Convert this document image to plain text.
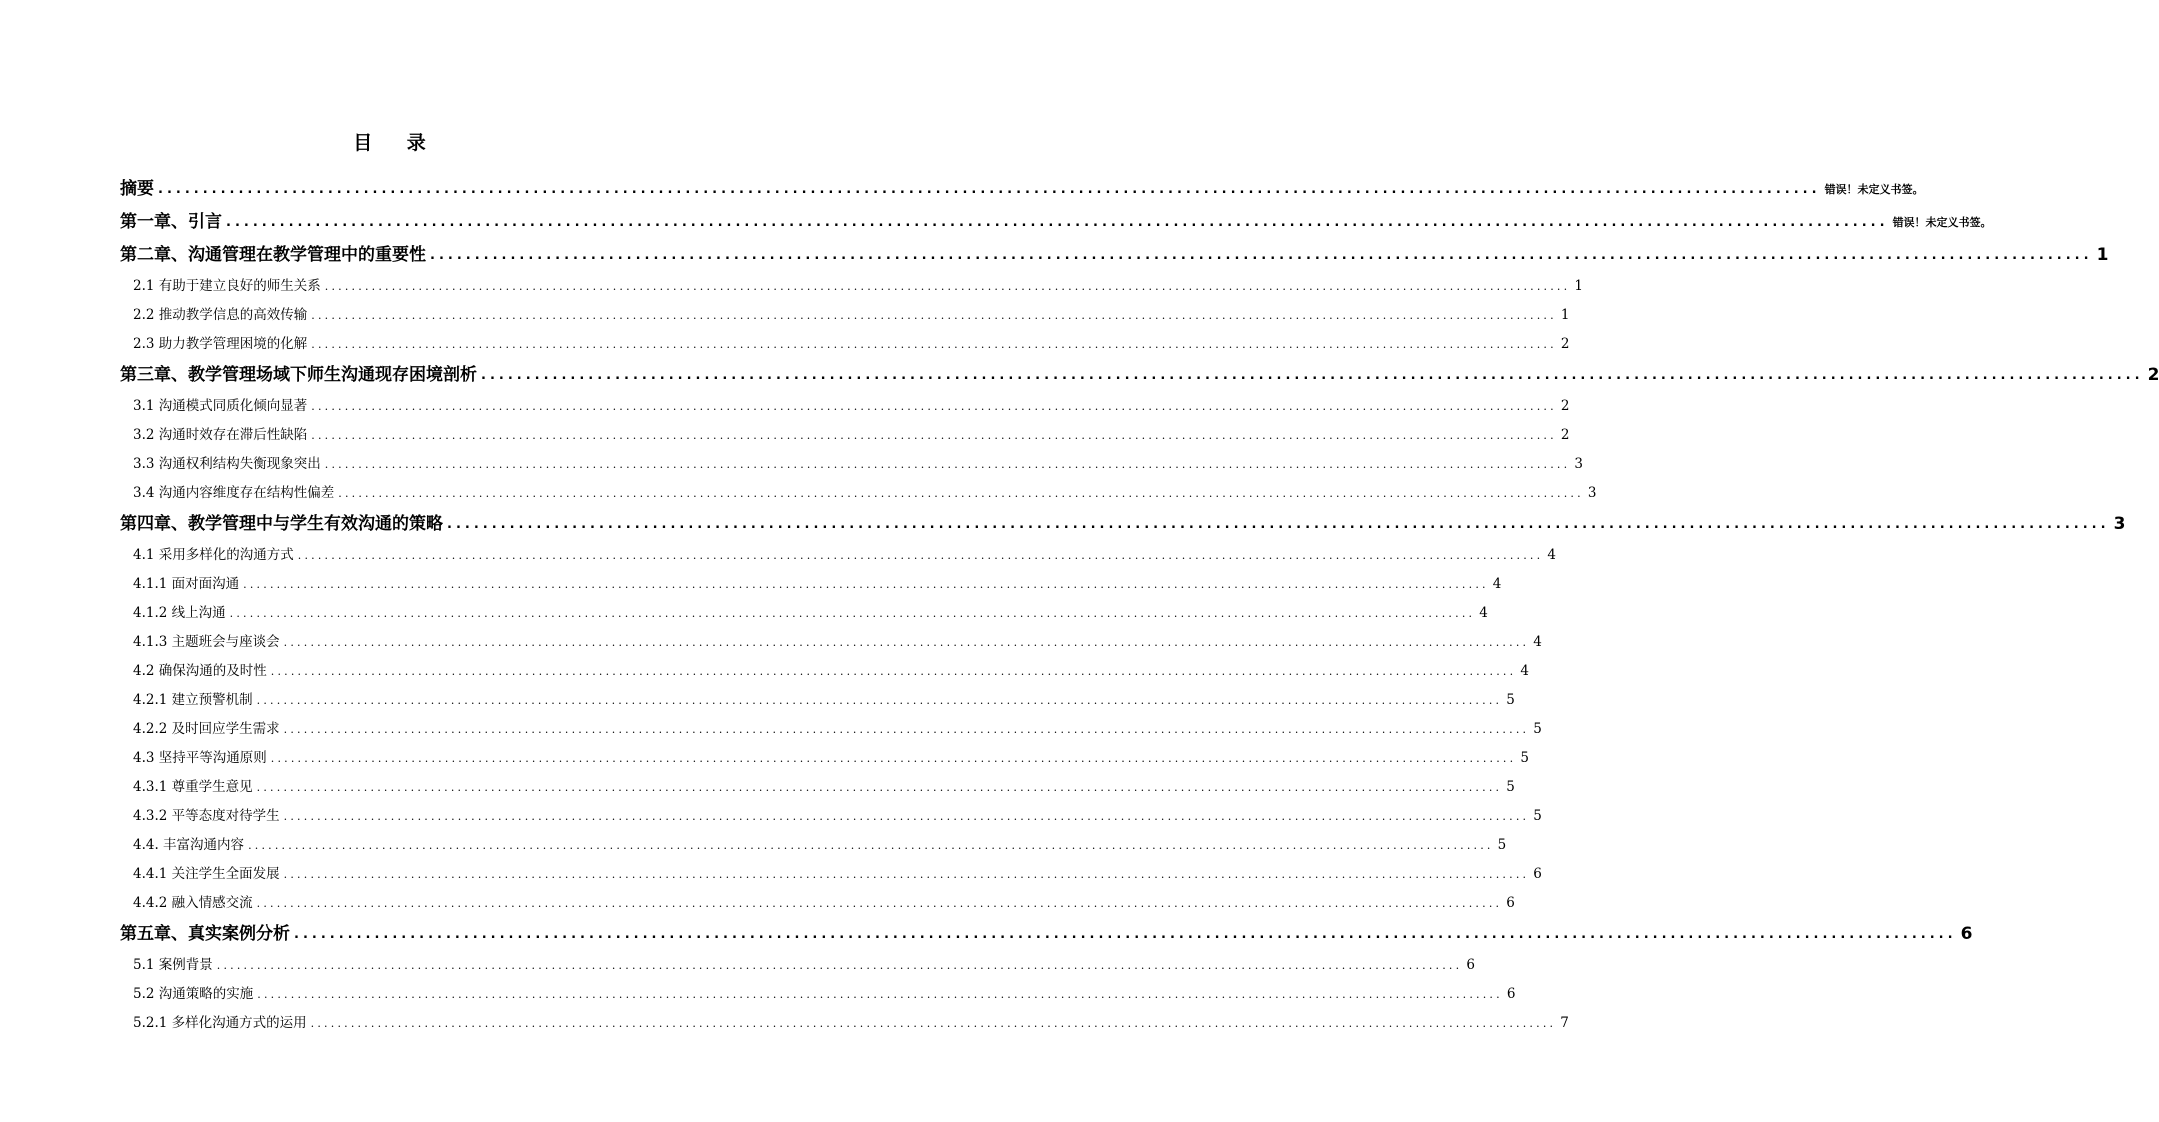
目 录
摘要 .......................................................................................................................................................................................... 错误！未定义书签。
第一章、引言 .......................................................................................................................................................................................... 错误！未定义书签。
第二章、沟通管理在教学管理中的重要性 .......................................................................................................................................................................................... 1
2.1 有助于建立良好的师生关系 .......................................................................................................................................................................................... 1
2.2 推动教学信息的高效传输 .......................................................................................................................................................................................... 1
2.3 助力教学管理困境的化解 .......................................................................................................................................................................................... 2
第三章、教学管理场域下师生沟通现存困境剖析 .......................................................................................................................................................................................... 2
3.1 沟通模式同质化倾向显著 .......................................................................................................................................................................................... 2
3.2 沟通时效存在滞后性缺陷 .......................................................................................................................................................................................... 2
3.3 沟通权利结构失衡现象突出 .......................................................................................................................................................................................... 3
3.4 沟通内容维度存在结构性偏差 .......................................................................................................................................................................................... 3
第四章、教学管理中与学生有效沟通的策略 .......................................................................................................................................................................................... 3
4.1 采用多样化的沟通方式 .......................................................................................................................................................................................... 4
4.1.1 面对面沟通 .......................................................................................................................................................................................... 4
4.1.2 线上沟通 .......................................................................................................................................................................................... 4
4.1.3 主题班会与座谈会 .......................................................................................................................................................................................... 4
4.2 确保沟通的及时性 .......................................................................................................................................................................................... 4
4.2.1 建立预警机制 .......................................................................................................................................................................................... 5
4.2.2 及时回应学生需求 .......................................................................................................................................................................................... 5
4.3 坚持平等沟通原则 .......................................................................................................................................................................................... 5
4.3.1 尊重学生意见 .......................................................................................................................................................................................... 5
4.3.2 平等态度对待学生 .......................................................................................................................................................................................... 5
4.4. 丰富沟通内容 .......................................................................................................................................................................................... 5
4.4.1 关注学生全面发展 .......................................................................................................................................................................................... 6
4.4.2 融入情感交流 .......................................................................................................................................................................................... 6
第五章、真实案例分析 .......................................................................................................................................................................................... 6
5.1 案例背景 .......................................................................................................................................................................................... 6
5.2 沟通策略的实施 .......................................................................................................................................................................................... 6
5.2.1 多样化沟通方式的运用 .......................................................................................................................................................................................... 7
